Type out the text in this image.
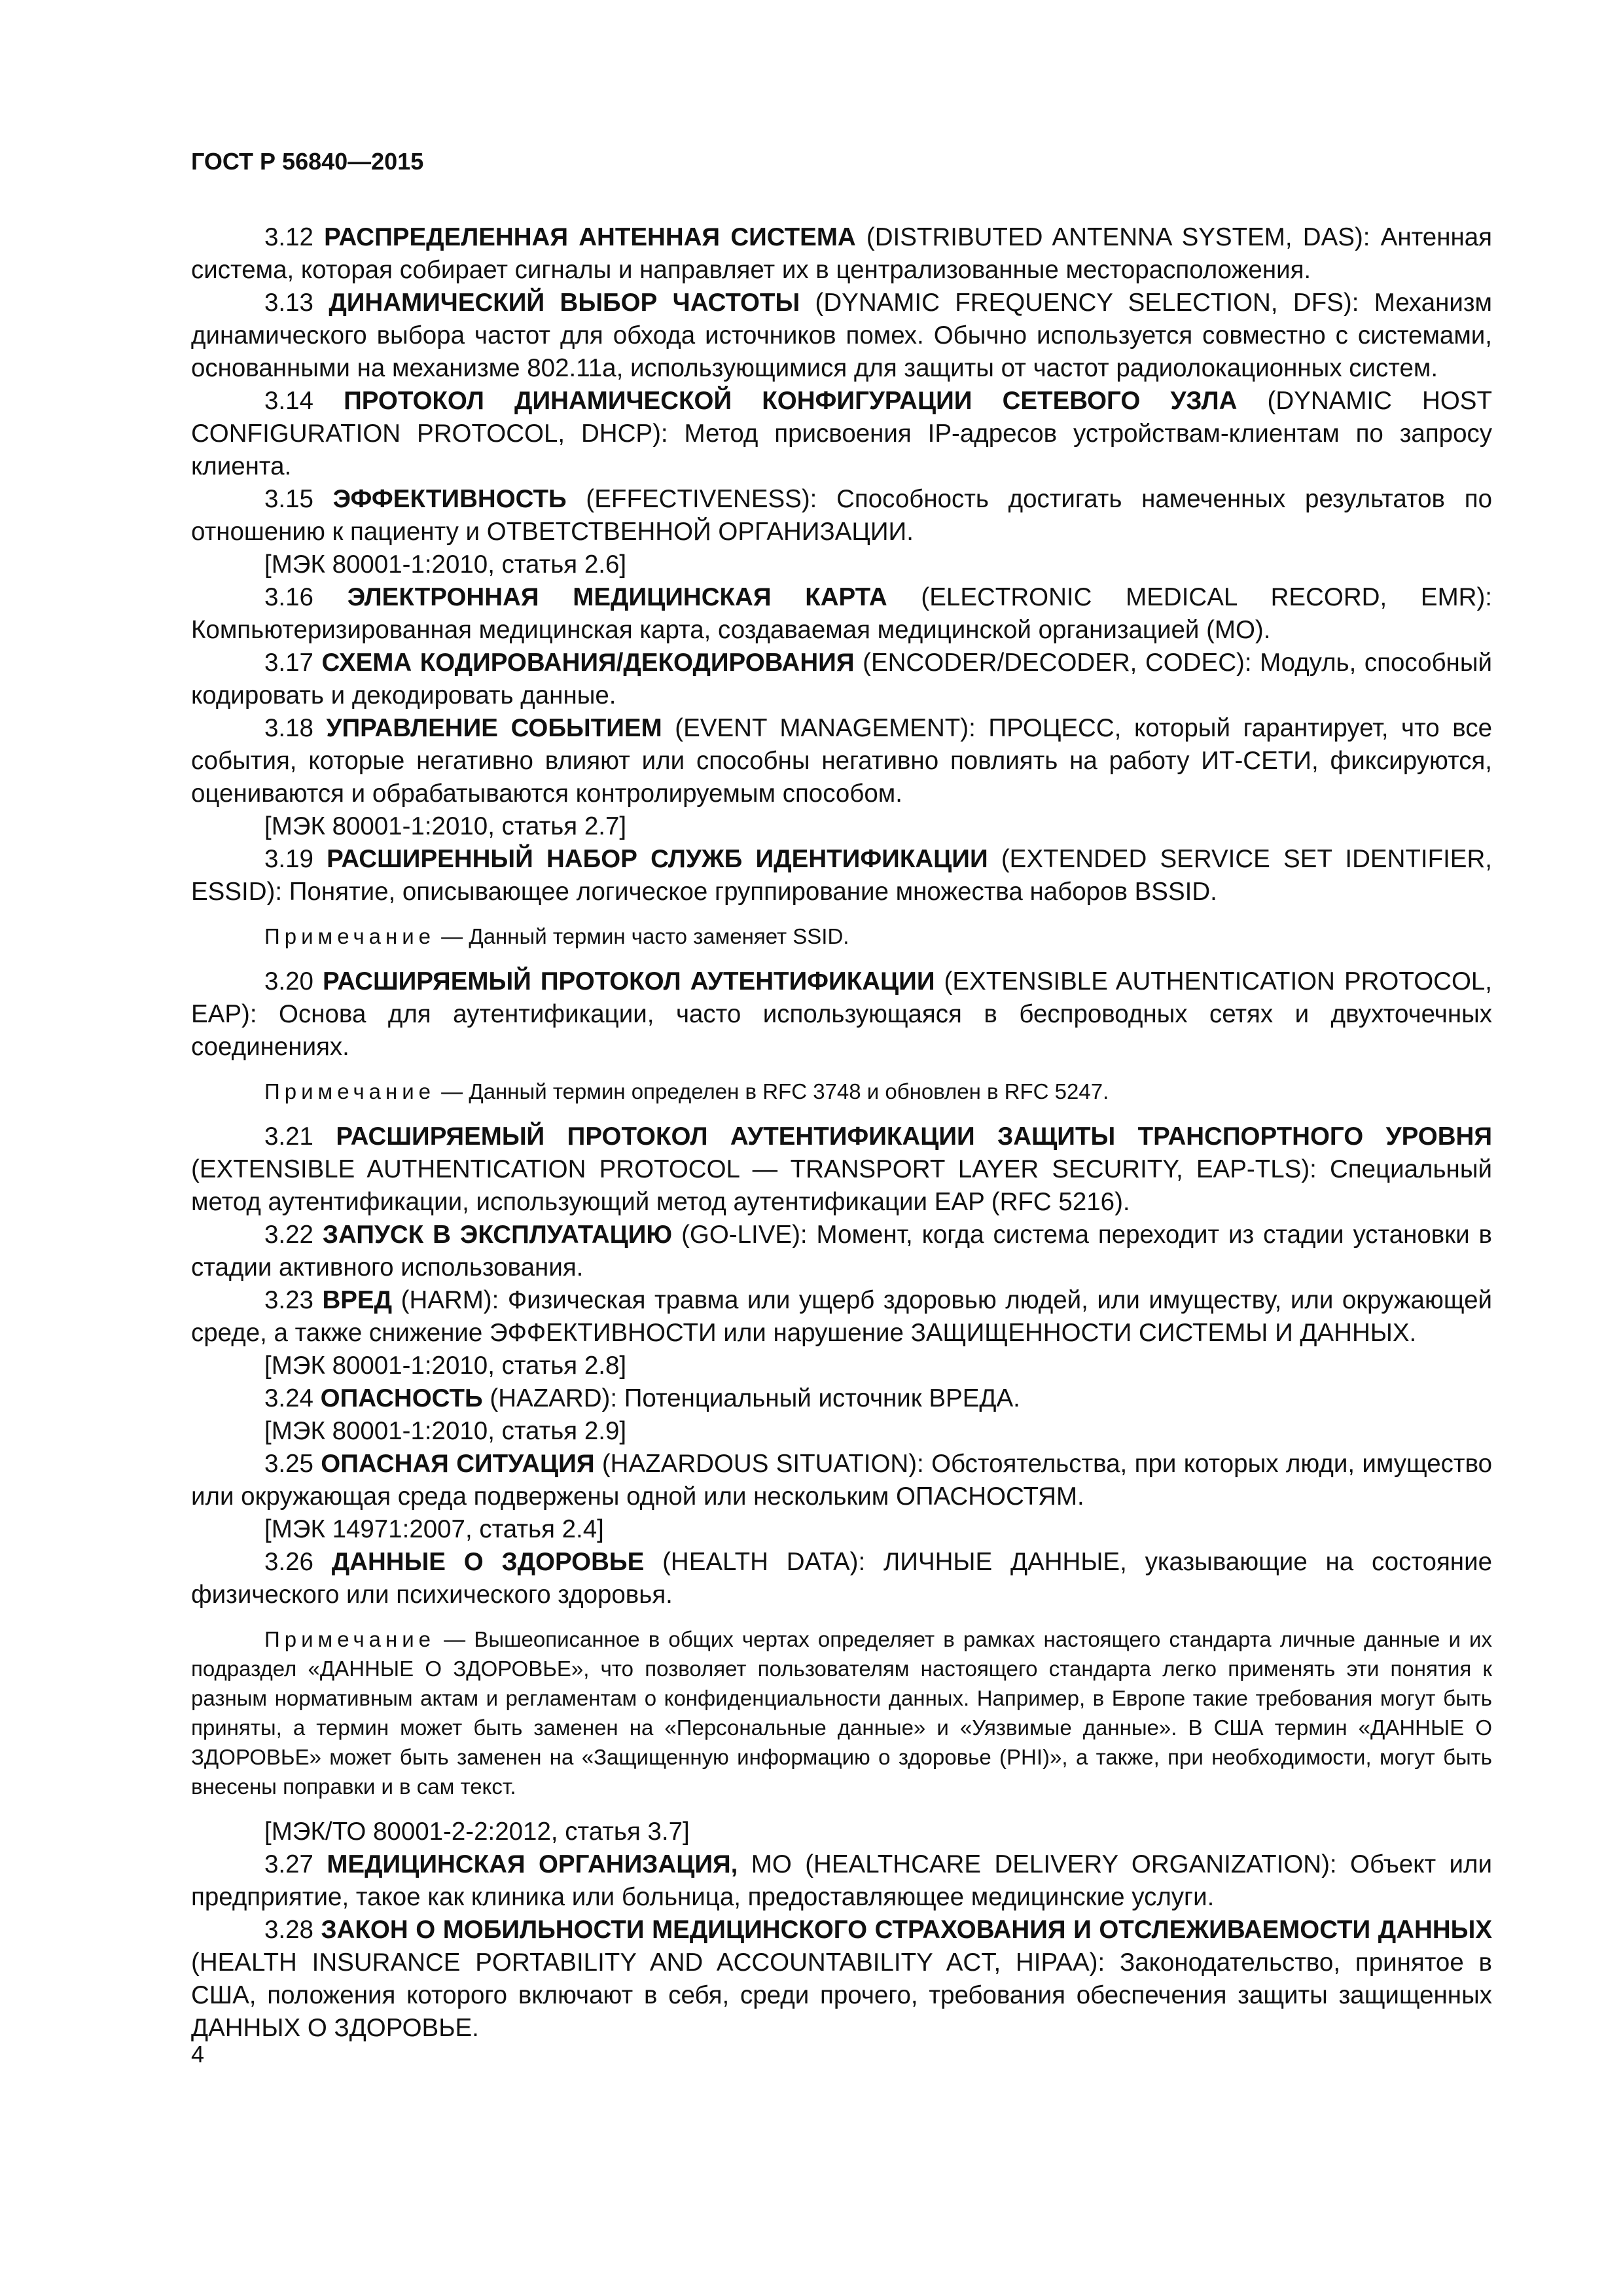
ГОСТ Р 56840—2015

3.12 РАСПРЕДЕЛЕННАЯ АНТЕННАЯ СИСТЕМА (DISTRIBUTED ANTENNA SYSTEM, DAS): Антенная система, которая собирает сигналы и направляет их в централизованные месторасположения.

3.13 ДИНАМИЧЕСКИЙ ВЫБОР ЧАСТОТЫ (DYNAMIC FREQUENCY SELECTION, DFS): Механизм динамического выбора частот для обхода источников помех. Обычно используется совместно с системами, основанными на механизме 802.11a, использующимися для защиты от частот радиолокационных систем.

3.14 ПРОТОКОЛ ДИНАМИЧЕСКОЙ КОНФИГУРАЦИИ СЕТЕВОГО УЗЛА (DYNAMIC HOST CONFIGURATION PROTOCOL, DHCP): Метод присвоения IP-адресов устройствам-клиентам по запросу клиента.

3.15 ЭФФЕКТИВНОСТЬ (EFFECTIVENESS): Способность достигать намеченных результатов по отношению к пациенту и ОТВЕТСТВЕННОЙ ОРГАНИЗАЦИИ.

[МЭК 80001-1:2010, статья 2.6]

3.16 ЭЛЕКТРОННАЯ МЕДИЦИНСКАЯ КАРТА (ELECTRONIC MEDICAL RECORD, EMR): Компьютеризированная медицинская карта, создаваемая медицинской организацией (МО).

3.17 СХЕМА КОДИРОВАНИЯ/ДЕКОДИРОВАНИЯ (ENCODER/DECODER, CODEC): Модуль, способный кодировать и декодировать данные.

3.18 УПРАВЛЕНИЕ СОБЫТИЕМ (EVENT MANAGEMENT): ПРОЦЕСС, который гарантирует, что все события, которые негативно влияют или способны негативно повлиять на работу ИТ-СЕТИ, фиксируются, оцениваются и обрабатываются контролируемым способом.

[МЭК 80001-1:2010, статья 2.7]

3.19 РАСШИРЕННЫЙ НАБОР СЛУЖБ ИДЕНТИФИКАЦИИ (EXTENDED SERVICE SET IDENTIFIER, ESSID): Понятие, описывающее логическое группирование множества наборов BSSID.

Примечание — Данный термин часто заменяет SSID.

3.20 РАСШИРЯЕМЫЙ ПРОТОКОЛ АУТЕНТИФИКАЦИИ (EXTENSIBLE AUTHENTICATION PROTOCOL, EAP): Основа для аутентификации, часто использующаяся в беспроводных сетях и двухточечных соединениях.

Примечание — Данный термин определен в RFC 3748 и обновлен в RFC 5247.

3.21 РАСШИРЯЕМЫЙ ПРОТОКОЛ АУТЕНТИФИКАЦИИ ЗАЩИТЫ ТРАНСПОРТНОГО УРОВНЯ (EXTENSIBLE AUTHENTICATION PROTOCOL — TRANSPORT LAYER SECURITY, EAP-TLS): Специальный метод аутентификации, использующий метод аутентификации EAP (RFC 5216).

3.22 ЗАПУСК В ЭКСПЛУАТАЦИЮ (GO-LIVE): Момент, когда система переходит из стадии установки в стадии активного использования.

3.23 ВРЕД (HARM): Физическая травма или ущерб здоровью людей, или имуществу, или окружающей среде, а также снижение ЭФФЕКТИВНОСТИ или нарушение ЗАЩИЩЕННОСТИ СИСТЕМЫ И ДАННЫХ.

[МЭК 80001-1:2010, статья 2.8]

3.24 ОПАСНОСТЬ (HAZARD): Потенциальный источник ВРЕДА.

[МЭК 80001-1:2010, статья 2.9]

3.25 ОПАСНАЯ СИТУАЦИЯ (HAZARDOUS SITUATION): Обстоятельства, при которых люди, имущество или окружающая среда подвержены одной или нескольким ОПАСНОСТЯМ.

[МЭК 14971:2007, статья 2.4]

3.26 ДАННЫЕ О ЗДОРОВЬЕ (HEALTH DATA): ЛИЧНЫЕ ДАННЫЕ, указывающие на состояние физического или психического здоровья.

Примечание — Вышеописанное в общих чертах определяет в рамках настоящего стандарта личные данные и их подраздел «ДАННЫЕ О ЗДОРОВЬЕ», что позволяет пользователям настоящего стандарта легко применять эти понятия к разным нормативным актам и регламентам о конфиденциальности данных. Например, в Европе такие требования могут быть приняты, а термин может быть заменен на «Персональные данные» и «Уязвимые данные». В США термин «ДАННЫЕ О ЗДОРОВЬЕ» может быть заменен на «Защищенную информацию о здоровье (PHI)», а также, при необходимости, могут быть внесены поправки и в сам текст.

[МЭК/ТО 80001-2-2:2012, статья 3.7]

3.27 МЕДИЦИНСКАЯ ОРГАНИЗАЦИЯ, МО (HEALTHCARE DELIVERY ORGANIZATION): Объект или предприятие, такое как клиника или больница, предоставляющее медицинские услуги.

3.28 ЗАКОН О МОБИЛЬНОСТИ МЕДИЦИНСКОГО СТРАХОВАНИЯ И ОТСЛЕЖИВАЕМОСТИ ДАННЫХ (HEALTH INSURANCE PORTABILITY AND ACCOUNTABILITY ACT, HIPAA): Законодательство, принятое в США, положения которого включают в себя, среди прочего, требования обеспечения защиты защищенных ДАННЫХ О ЗДОРОВЬЕ.

4
